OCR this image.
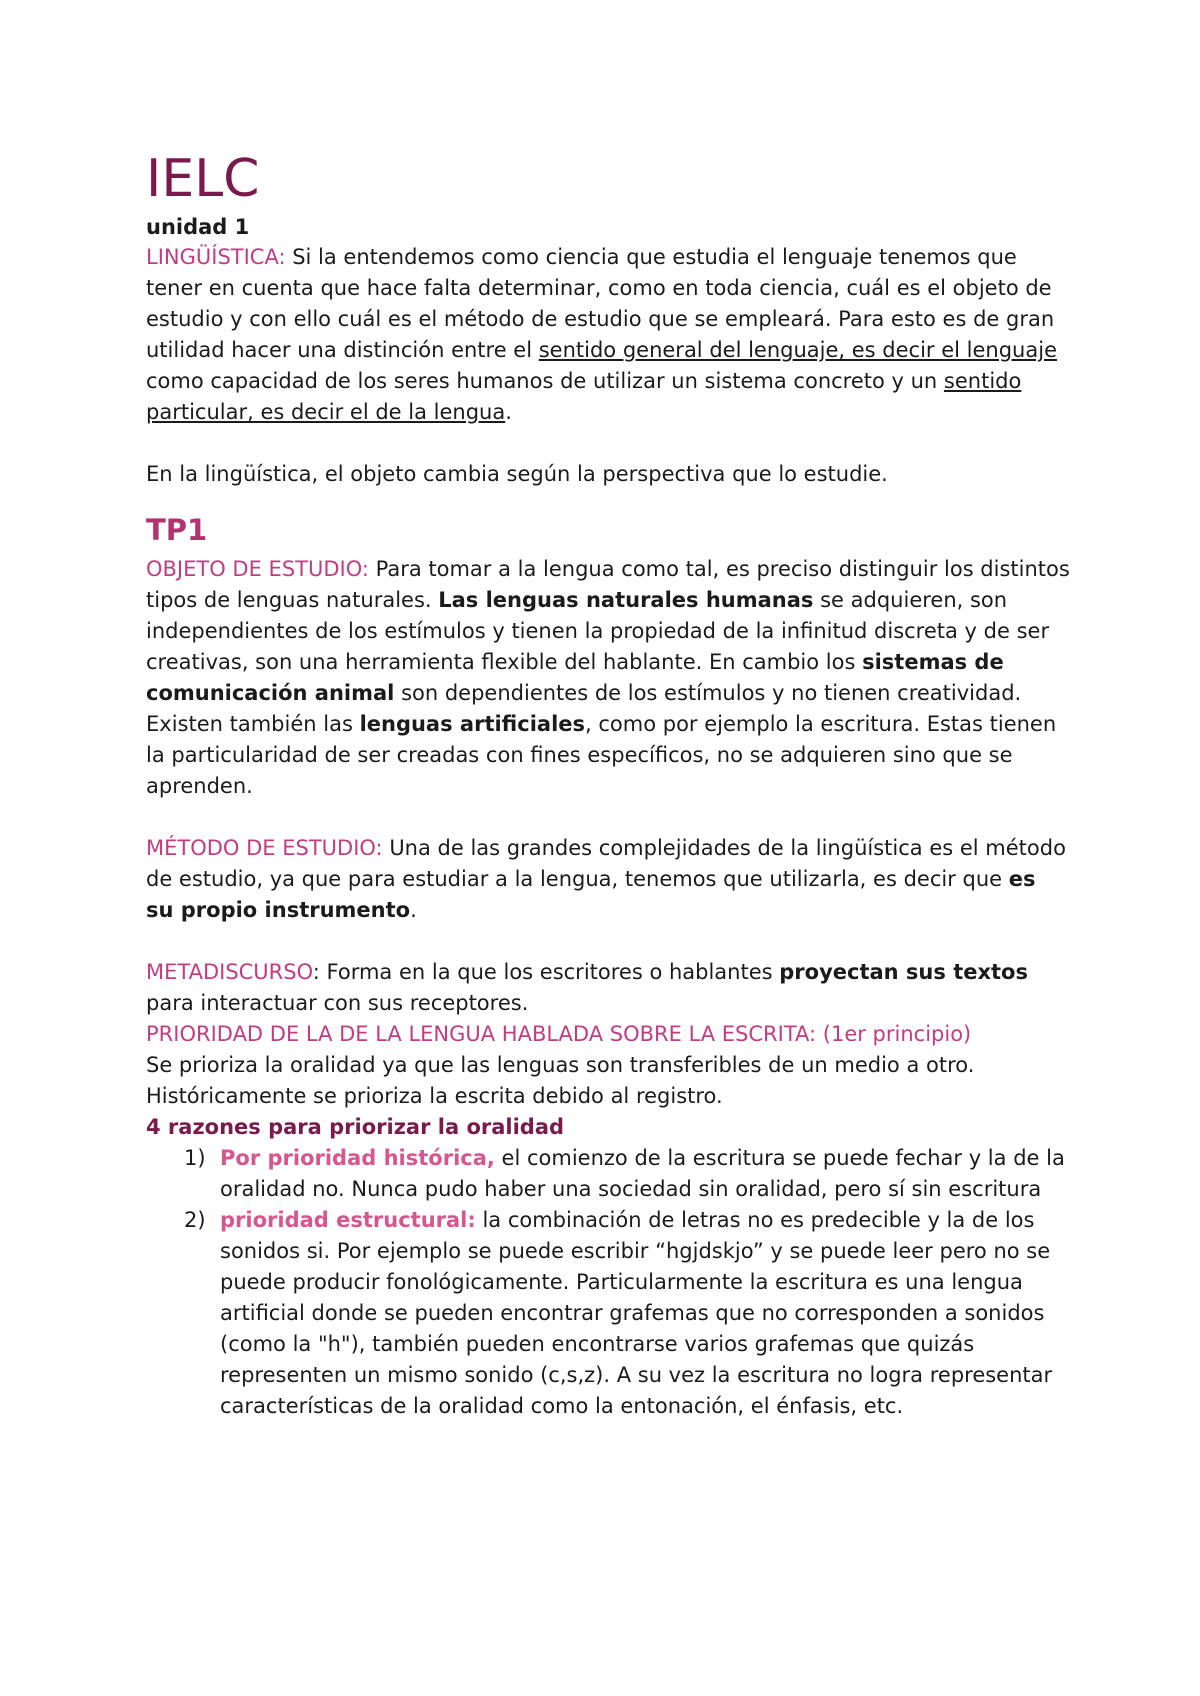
IELC
unidad 1

LINGÜÍSTICA: Si la entendemos como ciencia que estudia el lenguaje tenemos que tener en cuenta que hace falta determinar, como en toda ciencia, cuál es el objeto de estudio y con ello cuál es el método de estudio que se empleará. Para esto es de gran utilidad hacer una distinción entre el sentido general del lenguaje, es decir el lenguaje como capacidad de los seres humanos de utilizar un sistema concreto y un sentido particular, es decir el de la lengua.

En la lingüística, el objeto cambia según la perspectiva que lo estudie.

TP1

OBJETO DE ESTUDIO: Para tomar a la lengua como tal, es preciso distinguir los distintos tipos de lenguas naturales. Las lenguas naturales humanas se adquieren, son independientes de los estímulos y tienen la propiedad de la infinitud discreta y de ser creativas, son una herramienta flexible del hablante. En cambio los sistemas de comunicación animal son dependientes de los estímulos y no tienen creatividad. Existen también las lenguas artificiales, como por ejemplo la escritura. Estas tienen la particularidad de ser creadas con fines específicos, no se adquieren sino que se aprenden.

MÉTODO DE ESTUDIO: Una de las grandes complejidades de la lingüística es el método de estudio, ya que para estudiar a la lengua, tenemos que utilizarla, es decir que es su propio instrumento.

METADISCURSO: Forma en la que los escritores o hablantes proyectan sus textos para interactuar con sus receptores.

PRIORIDAD DE LA DE LA LENGUA HABLADA SOBRE LA ESCRITA: (1er principio)

Se prioriza la oralidad ya que las lenguas son transferibles de un medio a otro. Históricamente se prioriza la escrita debido al registro.

4 razones para priorizar la oralidad

1) Por prioridad histórica, el comienzo de la escritura se puede fechar y la de la oralidad no. Nunca pudo haber una sociedad sin oralidad, pero sí sin escritura
2) prioridad estructural: la combinación de letras no es predecible y la de los sonidos si. Por ejemplo se puede escribir “hgjdskjo” y se puede leer pero no se puede producir fonológicamente. Particularmente la escritura es una lengua artificial donde se pueden encontrar grafemas que no corresponden a sonidos (como la "h"), también pueden encontrarse varios grafemas que quizás representen un mismo sonido (c,s,z). A su vez la escritura no logra representar características de la oralidad como la entonación, el énfasis, etc.
